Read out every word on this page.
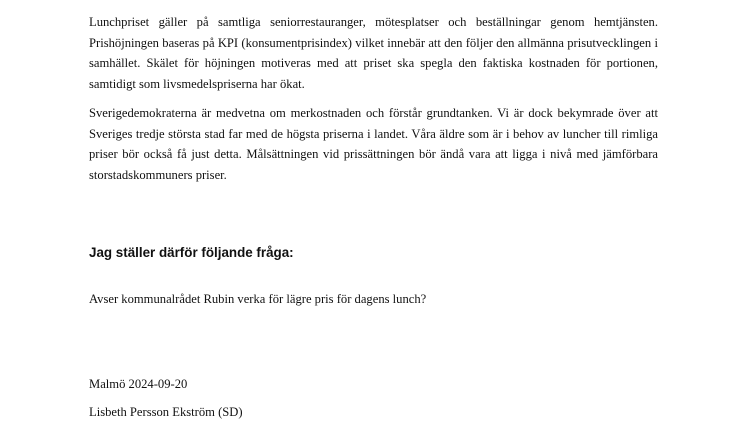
Lunchpriset gäller på samtliga seniorrestauranger, mötesplatser och beställningar genom hemtjänsten. Prishöjningen baseras på KPI (konsumentprisindex) vilket innebär att den följer den allmänna prisutvecklingen i samhället. Skälet för höjningen motiveras med att priset ska spegla den faktiska kostnaden för portionen, samtidigt som livsmedelspriserna har ökat.

Sverigedemokraterna är medvetna om merkostnaden och förstår grundtanken. Vi är dock bekymrade över att Sveriges tredje största stad far med de högsta priserna i landet. Våra äldre som är i behov av luncher till rimliga priser bör också få just detta. Målsättningen vid prissättningen bör ändå vara att ligga i nivå med jämförbara storstadskommuners priser.

Jag ställer därför följande fråga:

Avser kommunalrådet Rubin verka för lägre pris för dagens lunch?

Malmö 2024-09-20

Lisbeth Persson Ekström (SD)
